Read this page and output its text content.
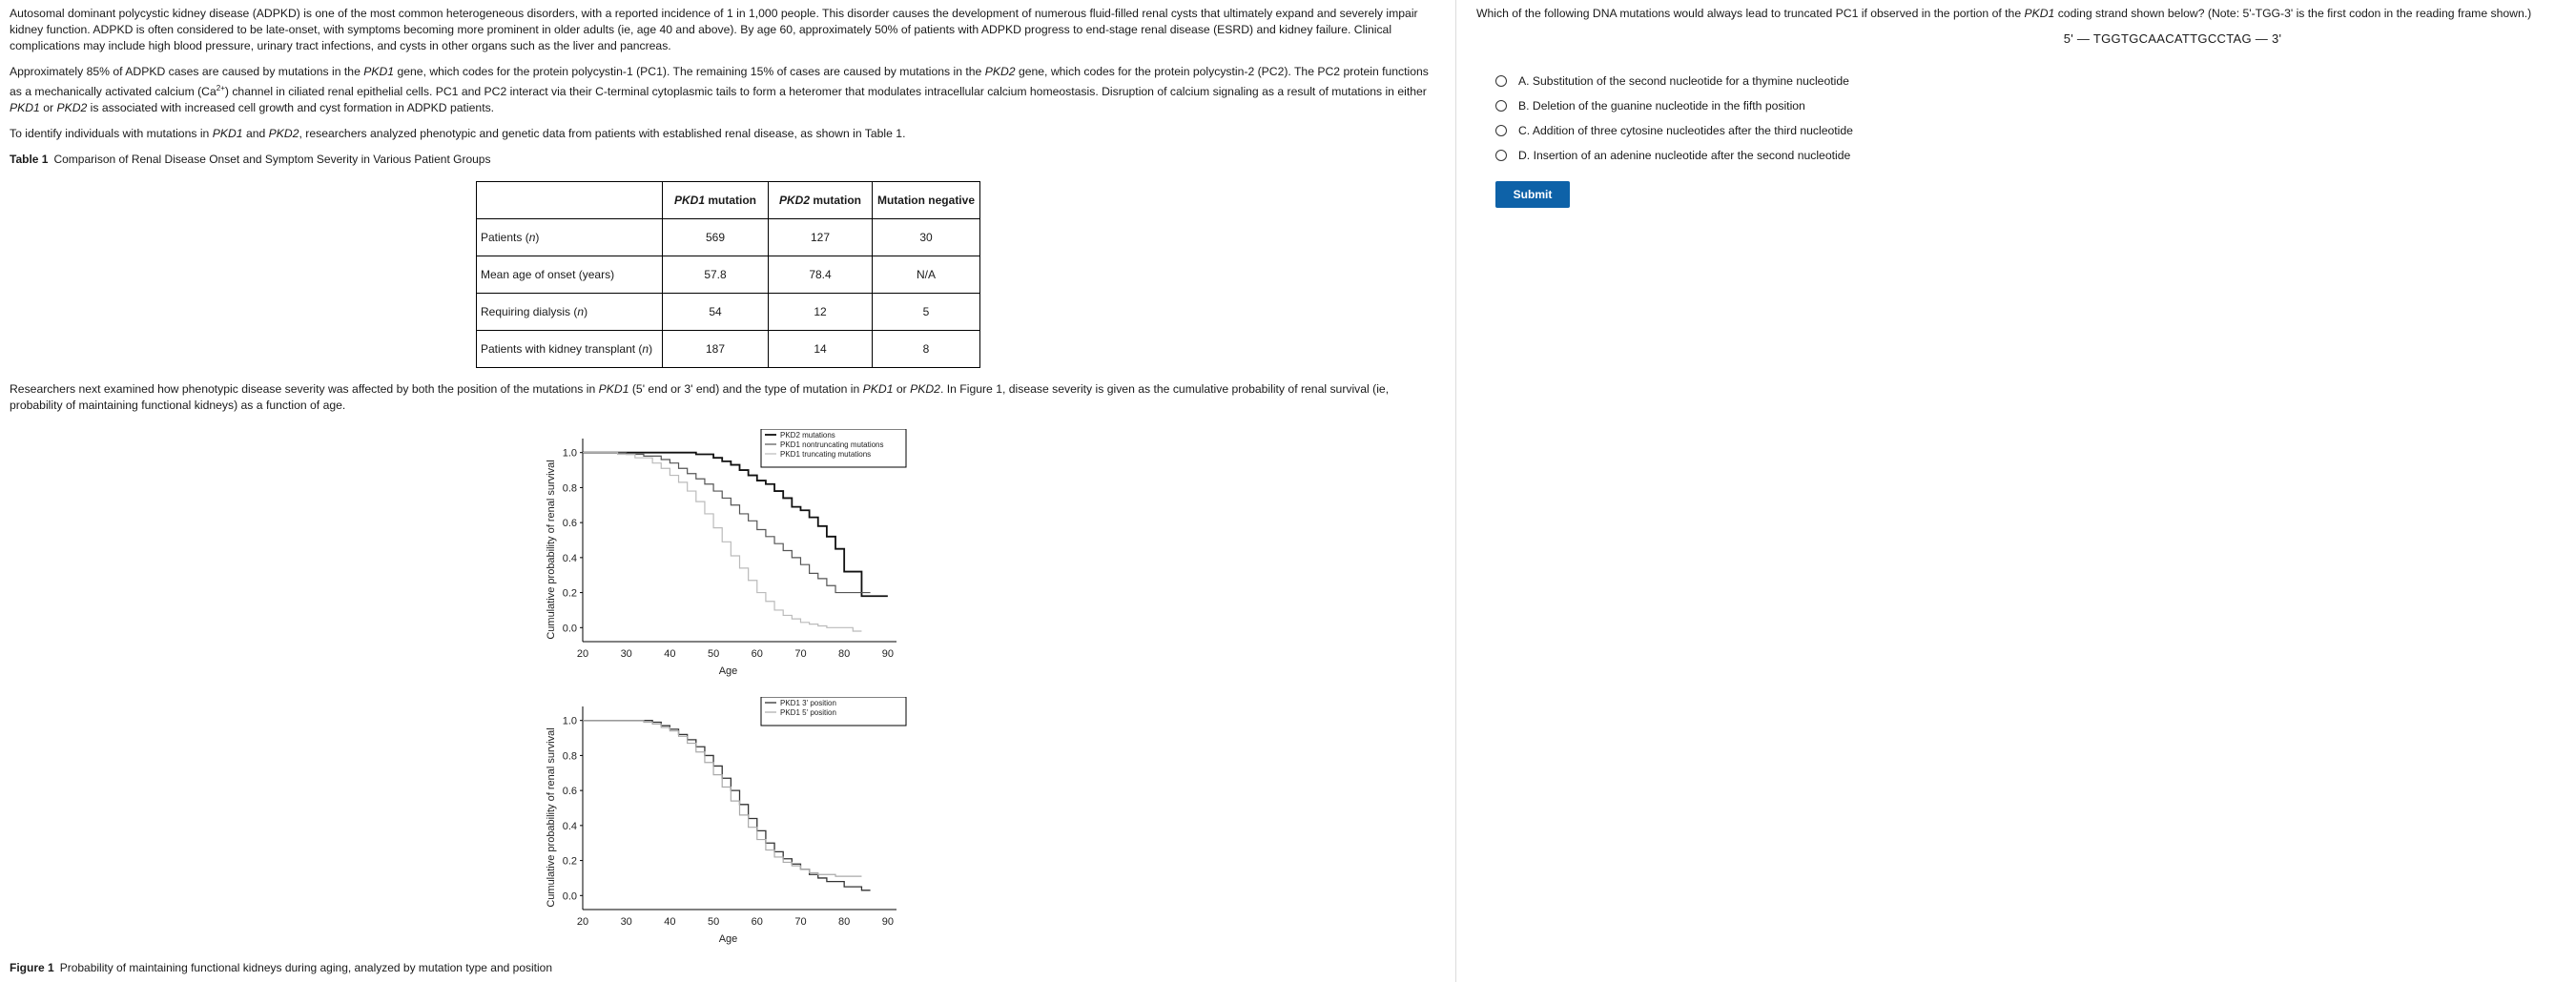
Autosomal dominant polycystic kidney disease (ADPKD) is one of the most common heterogeneous disorders, with a reported incidence of 1 in 1,000 people. This disorder causes the development of numerous fluid-filled renal cysts that ultimately expand and severely impair kidney function. ADPKD is often considered to be late-onset, with symptoms becoming more prominent in older adults (ie, age 40 and above). By age 60, approximately 50% of patients with ADPKD progress to end-stage renal disease (ESRD) and kidney failure. Clinical complications may include high blood pressure, urinary tract infections, and cysts in other organs such as the liver and pancreas.

Approximately 85% of ADPKD cases are caused by mutations in the PKD1 gene, which codes for the protein polycystin-1 (PC1). The remaining 15% of cases are caused by mutations in the PKD2 gene, which codes for the protein polycystin-2 (PC2). The PC2 protein functions as a mechanically activated calcium $(Ca^{2+})$ channel in ciliated renal epithelial cells. PC1 and PC2 interact via their C-terminal cytoplasmic tails to form a heteromer that modulates intracellular calcium homeostasis. Disruption of calcium signaling as a result of mutations in either PKD1 or PKD2 is associated with increased cell growth and cyst formation in ADPKD patients.

To identify individuals with mutations in PKD1 and PKD2, researchers analyzed phenotypic and genetic data from patients with established renal disease, as shown in Table 1.

Table 1 Comparison of Renal Disease Onset and Symptom Severity in Various Patient Groups
	PKD1 mutation	PKD2 mutation	Mutation negative
Patients (n)	569	127	30
Mean age of onset (years)	57.8	78.4	N/A
Requiring dialysis (n)	54	12	5
Patients with kidney transplant (n)	187	14	8

Researchers next examined how phenotypic disease severity was affected by both the position of the mutations in PKD1 (5' end or 3' end) and the type of mutation in PKD1 or PKD2. In Figure 1, disease severity is given as the cumulative probability of renal survival (ie, probability of maintaining functional kidneys) as a function of age.

0.0
0.2
0.4
0.6
0.8
1.0
20	30	40	50	60	70	80	90
Age
Cumulative probability of renal survival
PKD2 mutations
PKD1 nontruncating mutations
PKD1 truncating mutations
0.0
0.2
0.4
0.6
0.8
1.0
20	30	40	50	60	70	80	90
Age
Cumulative probability of renal survival
PKD1 3' position
PKD1 5' position
Figure 1 Probability of maintaining functional kidneys during aging, analyzed by mutation type and position
Which of the following DNA mutations would always lead to truncated PC1 if observed in the portion of the PKD1 coding strand shown below? (Note: 5'-TGG-3' is the first codon in the reading frame shown.)
5' — TGGTGCAACATTGCCTAG — 3'
A. Substitution of the second nucleotide for a thymine nucleotide
B. Deletion of the guanine nucleotide in the fifth position
C. Addition of three cytosine nucleotides after the third nucleotide
D. Insertion of an adenine nucleotide after the second nucleotide
Submit
